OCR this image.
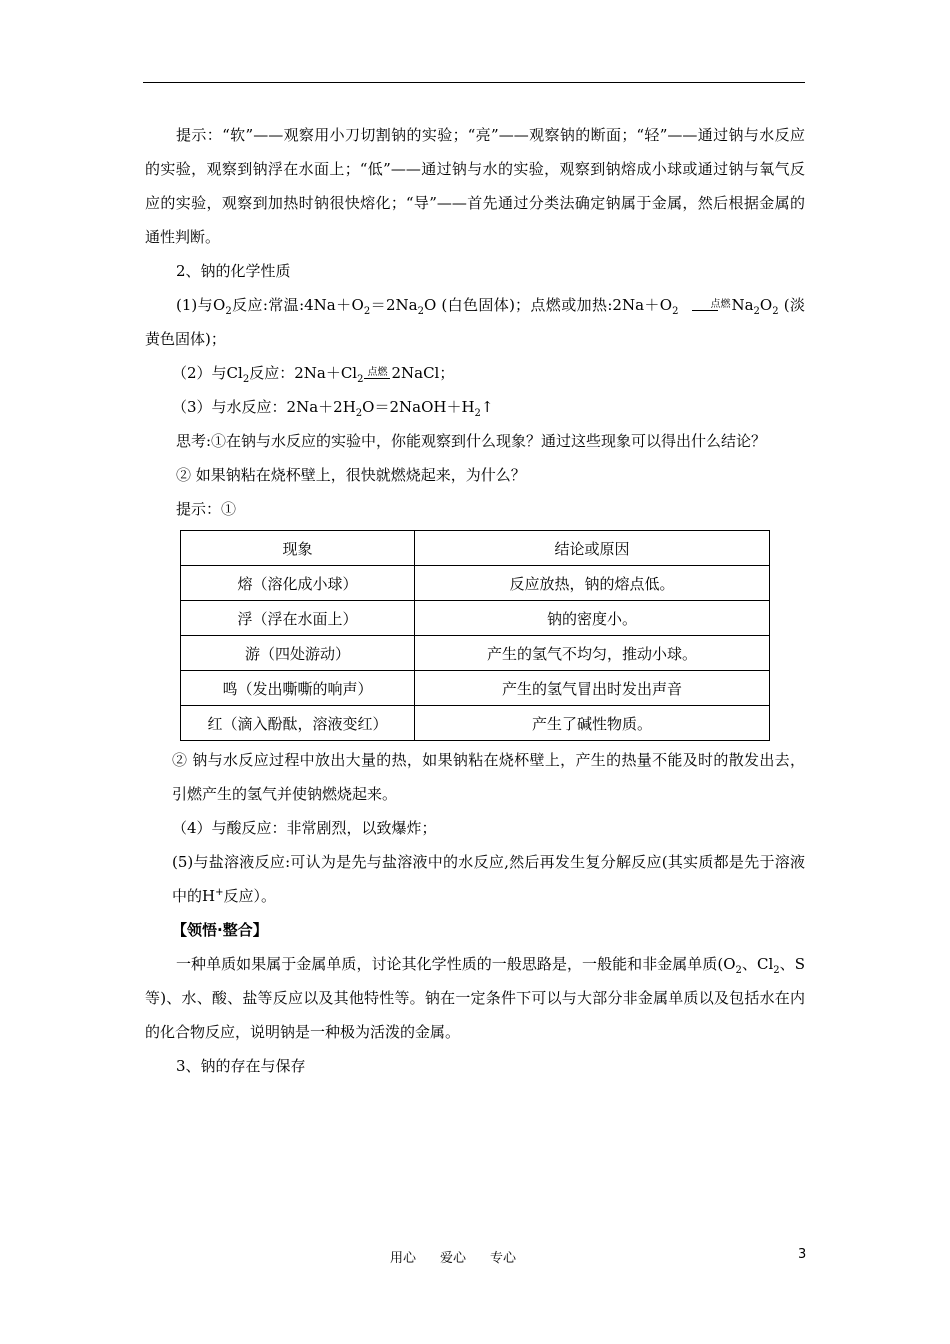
提示：“软”——观察用小刀切割钠的实验；“亮”——观察钠的断面；“轻”——通过钠与水反应的实验，观察到钠浮在水面上；“低”——通过钠与水的实验，观察到钠熔成小球或通过钠与氧气反应的实验，观察到加热时钠很快熔化；“导”——首先通过分类法确定钠属于金属，然后根据金属的通性判断。

2、钠的化学性质

(1)与$O_2$反应:常温$:4Na+O_2=2Na_2O$ (白色固体)；点燃或加热$:2Na+O_2$
点燃 $Na_2O_2$ (淡黄色固体)；

（2）与$Cl_2$反应：$2Na+Cl_2$
点燃 2NaCl；

（3）与水反应：$2Na+2H_2O=2NaOH+H_2↑$

思考:①在钠与水反应的实验中，你能观察到什么现象？通过这些现象可以得出什么结论？

② 如果钠粘在烧杯壁上，很快就燃烧起来，为什么？

提示：①

现象	结论或原因
熔（溶化成小球）	反应放热，钠的熔点低。
浮（浮在水面上）	钠的密度小。
游（四处游动）	产生的氢气不均匀，推动小球。
鸣（发出嘶嘶的响声）	产生的氢气冒出时发出声音
红（滴入酚酞，溶液变红）	产生了碱性物质。

② 钠与水反应过程中放出大量的热，如果钠粘在烧杯壁上，产生的热量不能及时的散发出去，引燃产生的氢气并使钠燃烧起来。

（4）与酸反应：非常剧烈，以致爆炸；

(5)与盐溶液反应:可认为是先与盐溶液中的水反应,然后再发生复分解反应(其实质都是先于溶液中的H+反应）。

【领悟·整合】

一种单质如果属于金属单质，讨论其化学性质的一般思路是，一般能和非金属单质($O_2$、$Cl_2$、S等)、水、酸、盐等反应以及其他特性等。钠在一定条件下可以与大部分非金属单质以及包括水在内的化合物反应，说明钠是一种极为活泼的金属。

3、钠的存在与保存

用心 爱心 专心	3
